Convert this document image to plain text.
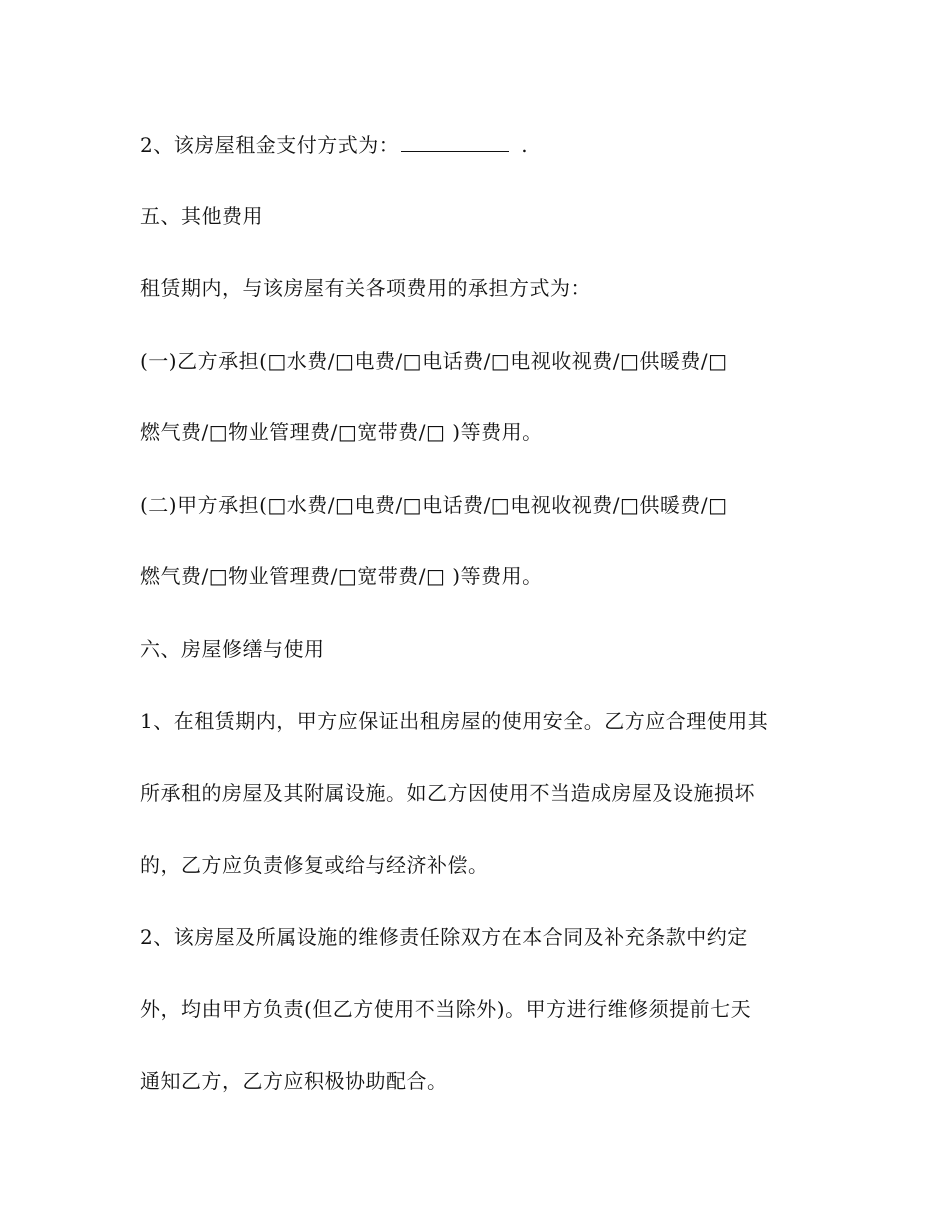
2、该房屋租金支付方式为：	.
五、其他费用
租赁期内，与该房屋有关各项费用的承担方式为：
(一)乙方承担(□水费/□电费/□电话费/□电视收视费/□供暖费/□
燃气费/□物业管理费/□宽带费/□ )等费用。
(二)甲方承担(□水费/□电费/□电话费/□电视收视费/□供暖费/□
燃气费/□物业管理费/□宽带费/□ )等费用。
六、房屋修缮与使用
1、在租赁期内，甲方应保证出租房屋的使用安全。乙方应合理使用其
所承租的房屋及其附属设施。如乙方因使用不当造成房屋及设施损坏
的，乙方应负责修复或给与经济补偿。
2、该房屋及所属设施的维修责任除双方在本合同及补充条款中约定
外，均由甲方负责(但乙方使用不当除外)。甲方进行维修须提前七天
通知乙方，乙方应积极协助配合。
